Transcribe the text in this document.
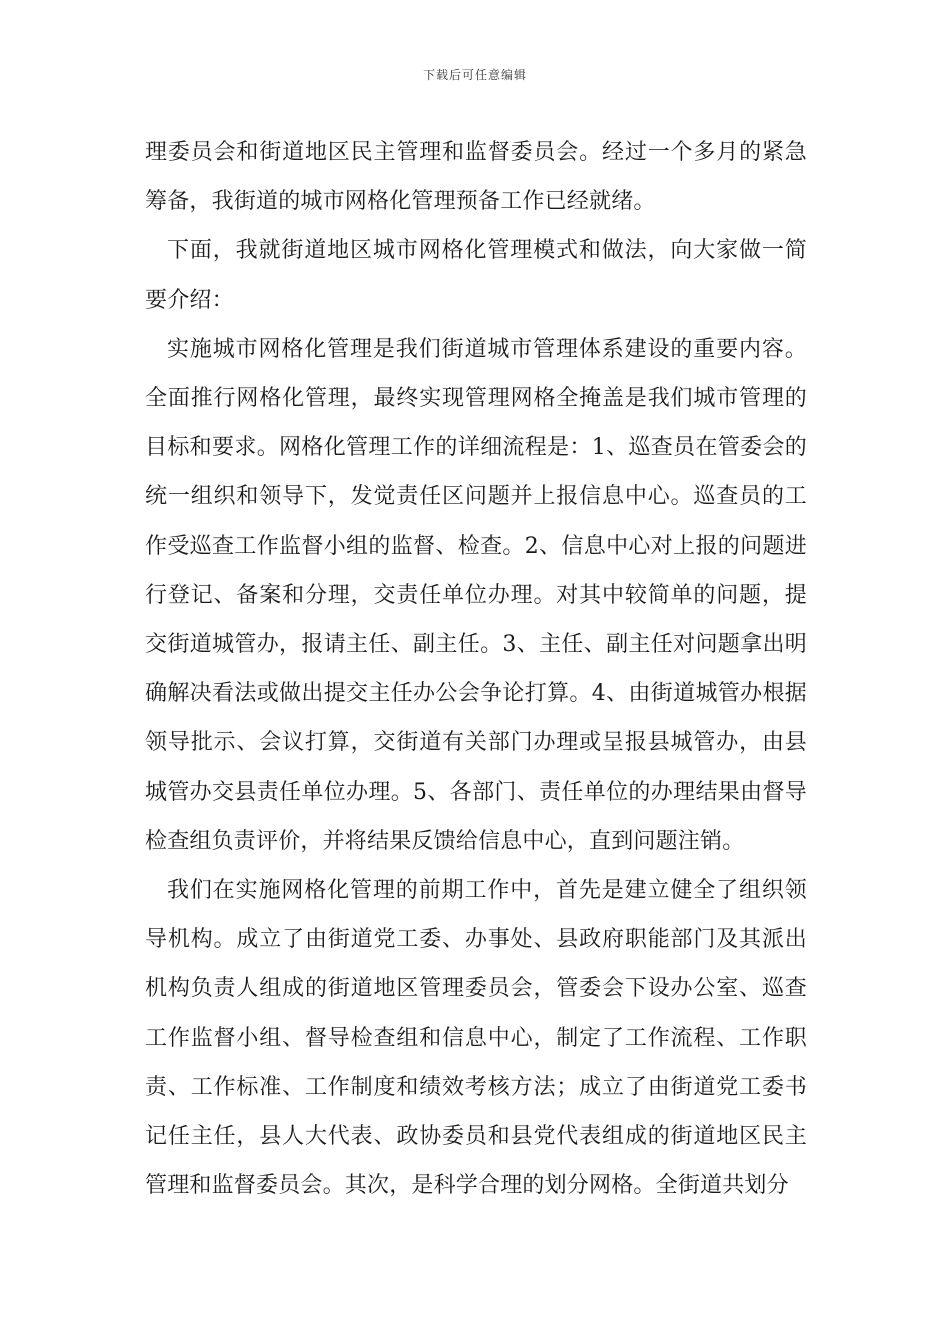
下载后可任意编辑

理委员会和街道地区民主管理和监督委员会。经过一个多月的紧急筹备，我街道的城市网格化管理预备工作已经就绪。

下面，我就街道地区城市网格化管理模式和做法，向大家做一简要介绍：

实施城市网格化管理是我们街道城市管理体系建设的重要内容。全面推行网格化管理，最终实现管理网格全掩盖是我们城市管理的目标和要求。网格化管理工作的详细流程是：1、巡查员在管委会的统一组织和领导下，发觉责任区问题并上报信息中心。巡查员的工作受巡查工作监督小组的监督、检查。2、信息中心对上报的问题进行登记、备案和分理，交责任单位办理。对其中较简单的问题，提交街道城管办，报请主任、副主任。3、主任、副主任对问题拿出明确解决看法或做出提交主任办公会争论打算。4、由街道城管办根据领导批示、会议打算，交街道有关部门办理或呈报县城管办，由县城管办交县责任单位办理。5、各部门、责任单位的办理结果由督导检查组负责评价，并将结果反馈给信息中心，直到问题注销。

我们在实施网格化管理的前期工作中，首先是建立健全了组织领导机构。成立了由街道党工委、办事处、县政府职能部门及其派出机构负责人组成的街道地区管理委员会，管委会下设办公室、巡查工作监督小组、督导检查组和信息中心，制定了工作流程、工作职责、工作标准、工作制度和绩效考核方法；成立了由街道党工委书记任主任，县人大代表、政协委员和县党代表组成的街道地区民主管理和监督委员会。其次，是科学合理的划分网格。全街道共划分
